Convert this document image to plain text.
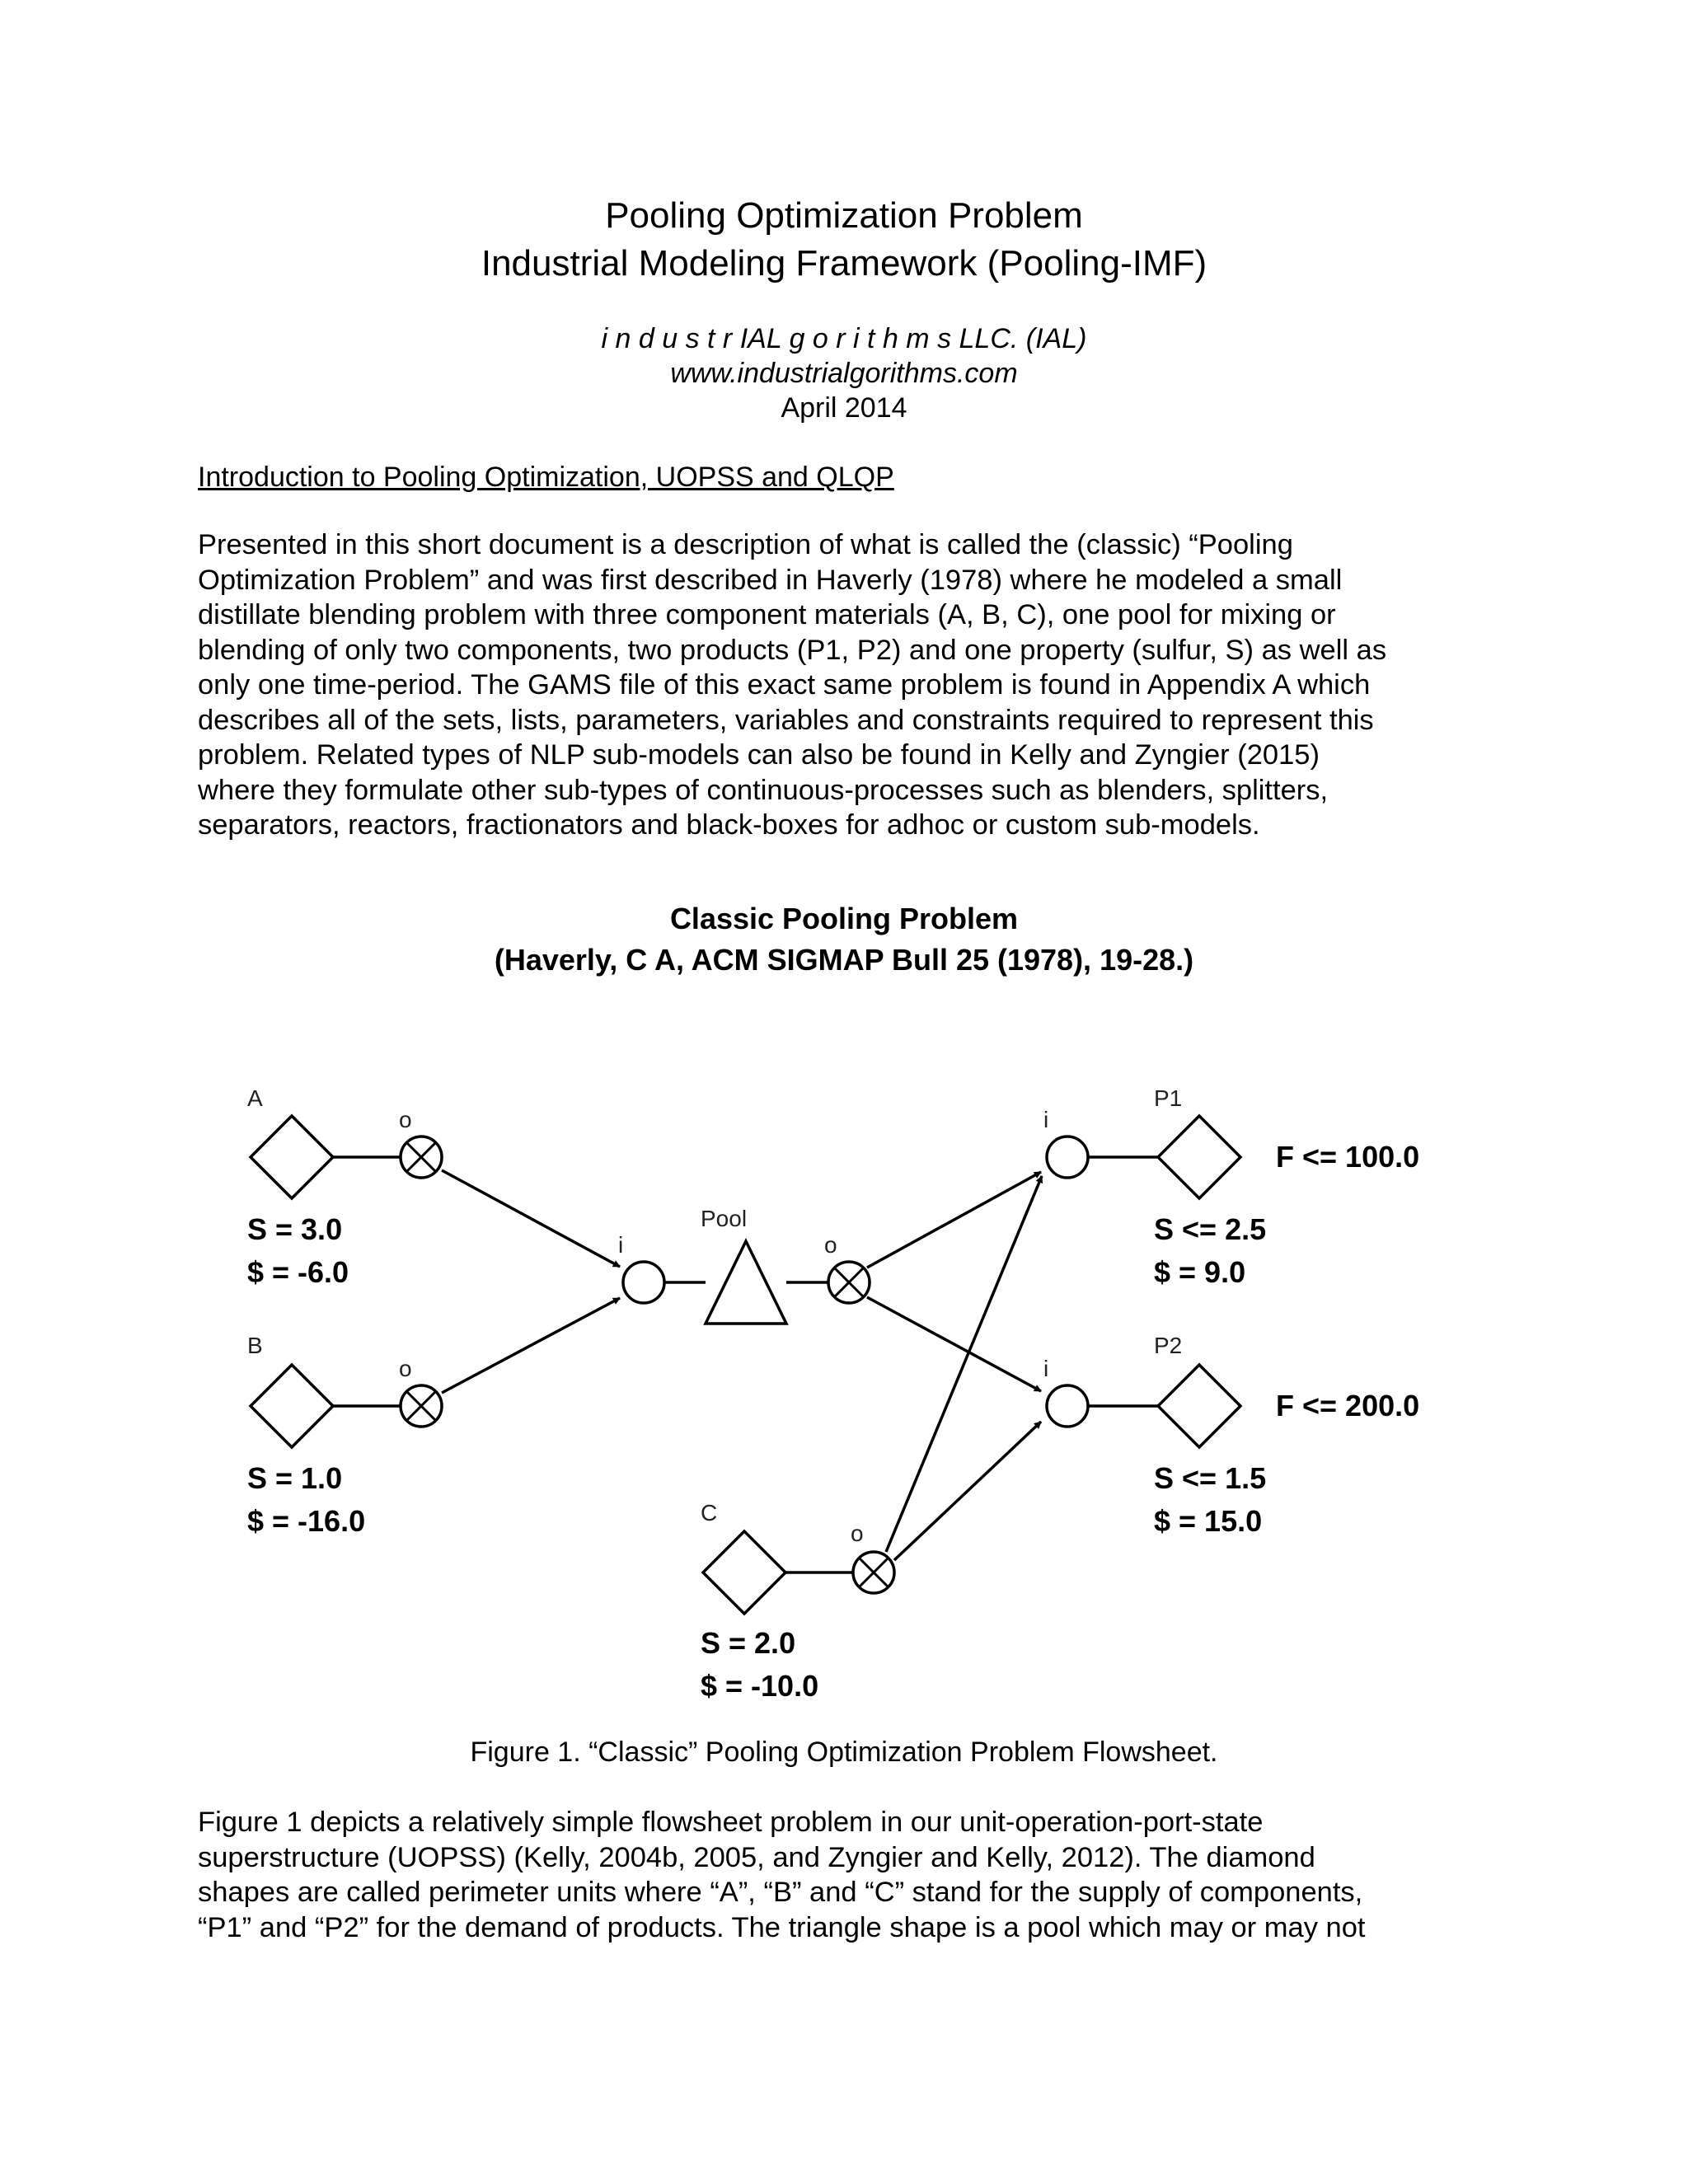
Pooling Optimization Problem
Industrial Modeling Framework (Pooling-IMF)
i n d u s t r IAL g o r i t h m s LLC. (IAL)
www.industrialgorithms.com
April 2014
Introduction to Pooling Optimization, UOPSS and QLQP
Presented in this short document is a description of what is called the (classic) “Pooling
Optimization Problem” and was first described in Haverly (1978) where he modeled a small
distillate blending problem with three component materials (A, B, C), one pool for mixing or
blending of only two components, two products (P1, P2) and one property (sulfur, S) as well as
only one time-period. The GAMS file of this exact same problem is found in Appendix A which
describes all of the sets, lists, parameters, variables and constraints required to represent this
problem. Related types of NLP sub-models can also be found in Kelly and Zyngier (2015)
where they formulate other sub-types of continuous-processes such as blenders, splitters,
separators, reactors, fractionators and black-boxes for adhoc or custom sub-models.
Classic Pooling Problem
(Haverly, C A, ACM SIGMAP Bull 25 (1978), 19-28.)
A
B
C
P1
P2
Pool
o
o
o
o
i
i
i
S = 3.0
$ = -6.0
S = 1.0
$ = -16.0
S = 2.0
$ = -10.0
F <= 100.0
S <= 2.5
$ = 9.0
F <= 200.0
S <= 1.5
$ = 15.0
Figure 1. “Classic” Pooling Optimization Problem Flowsheet.
Figure 1 depicts a relatively simple flowsheet problem in our unit-operation-port-state
superstructure (UOPSS) (Kelly, 2004b, 2005, and Zyngier and Kelly, 2012). The diamond
shapes are called perimeter units where “A”, “B” and “C” stand for the supply of components,
“P1” and “P2” for the demand of products. The triangle shape is a pool which may or may not
